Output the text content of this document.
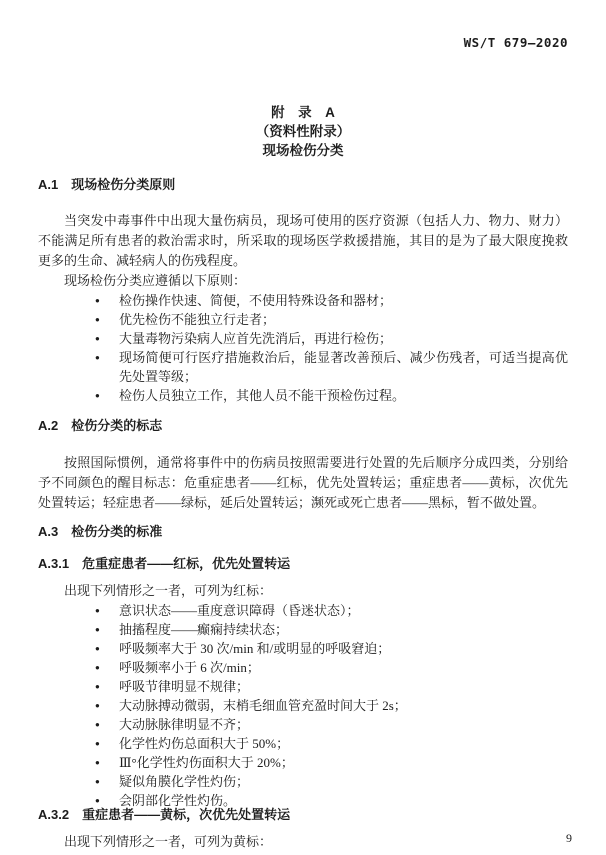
WS/T 679—2020
附　录　A
（资料性附录）
现场检伤分类
A.1　现场检伤分类原则

当突发中毒事件中出现大量伤病员，现场可使用的医疗资源（包括人力、物力、财力）不能满足所有患者的救治需求时，所采取的现场医学救援措施，其目的是为了最大限度挽救更多的生命、减轻病人的伤残程度。

现场检伤分类应遵循以下原则：

● 检伤操作快速、简便，不使用特殊设备和器材；
● 优先检伤不能独立行走者；
● 大量毒物污染病人应首先洗消后，再进行检伤；
● 现场简便可行医疗措施救治后，能显著改善预后、减少伤残者，可适当提高优先处置等级；
● 检伤人员独立工作，其他人员不能干预检伤过程。
A.2　检伤分类的标志

按照国际惯例，通常将事件中的伤病员按照需要进行处置的先后顺序分成四类，分别给予不同颜色的醒目标志：危重症患者——红标，优先处置转运；重症患者——黄标，次优先处置转运；轻症患者——绿标，延后处置转运；濒死或死亡患者——黑标，暂不做处置。

A.3　检伤分类的标准
A.3.1　危重症患者——红标，优先处置转运

出现下列情形之一者，可列为红标：

● 意识状态——重度意识障碍（昏迷状态）；
● 抽搐程度——癫痫持续状态；
● 呼吸频率大于 30 次/min 和/或明显的呼吸窘迫；
● 呼吸频率小于 6 次/min；
● 呼吸节律明显不规律；
● 大动脉搏动微弱，末梢毛细血管充盈时间大于 2s；
● 大动脉脉律明显不齐；
● 化学性灼伤总面积大于 50%；
● Ⅲ°化学性灼伤面积大于 20%；
● 疑似角膜化学性灼伤；
● 会阴部化学性灼伤。
A.3.2　重症患者——黄标，次优先处置转运

出现下列情形之一者，可列为黄标：	9
